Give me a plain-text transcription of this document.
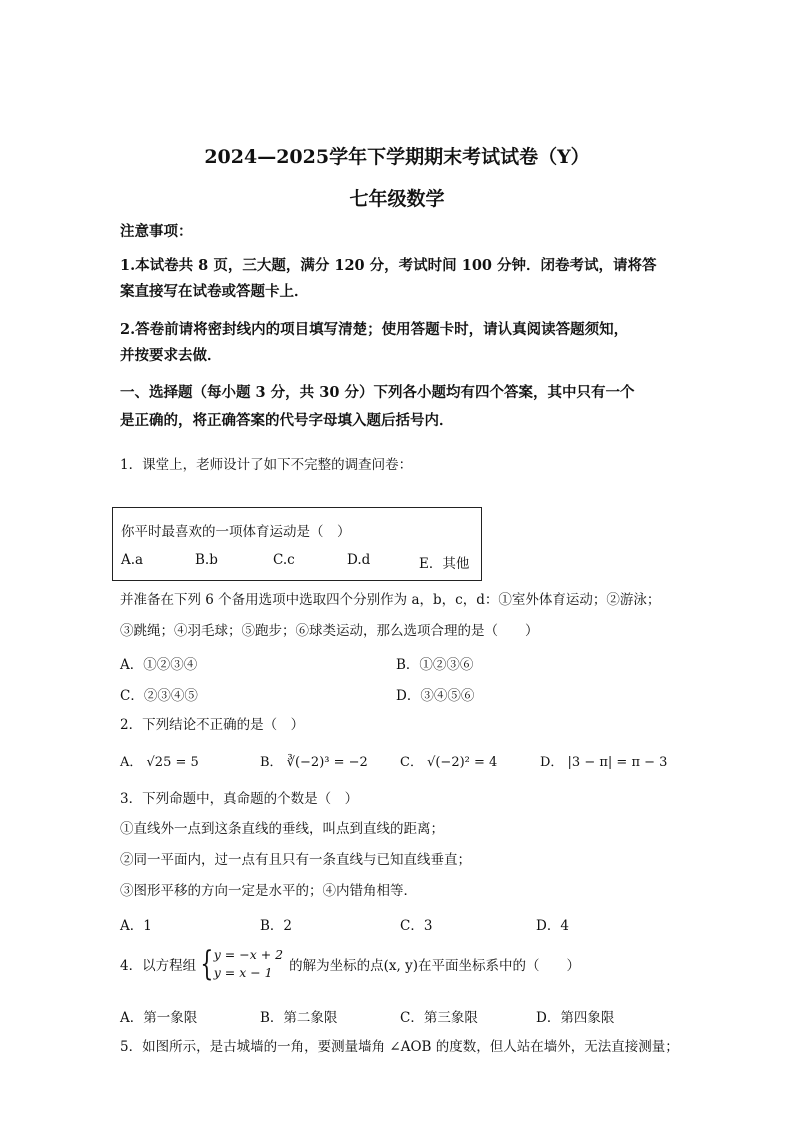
2024—2025学年下学期期末考试试卷（Y）
七年级数学
注意事项：
1.本试卷共 8 页，三大题，满分 120 分，考试时间 100 分钟．闭卷考试，请将答
案直接写在试卷或答题卡上．
2.答卷前请将密封线内的项目填写清楚；使用答题卡时，请认真阅读答题须知，
并按要求去做．
一、选择题（每小题 3 分，共 30 分）下列各小题均有四个答案，其中只有一个
是正确的，将正确答案的代号字母填入题后括号内．
1．课堂上，老师设计了如下不完整的调查问卷：
你平时最喜欢的一项体育运动是（　）
A.a	B.b	C.c	D.d	E．其他
并准备在下列 6 个备用选项中选取四个分别作为 a，b，c，d：①室外体育运动；②游泳；
③跳绳；④羽毛球；⑤跑步；⑥球类运动，那么选项合理的是（　　）
A．①②③④	B．①②③⑥
C．②③④⑤	D．③④⑤⑥
2．下列结论不正确的是（　）
A． √25 = 5	B． ∛(−2)³ = −2 C． √(−2)² = 4	D． |3 − π| = π − 3
3．下列命题中，真命题的个数是（　）
①直线外一点到这条直线的垂线，叫点到直线的距离；
②同一平面内，过一点有且只有一条直线与已知直线垂直；
③图形平移的方向一定是水平的；④内错角相等．
A．1	B．2	C．3	D．4
4．以方程组 { y = −x + 2
y = x − 1	的解为坐标的点(x, y)在平面坐标系中的（　　）
A．第一象限	B．第二象限	C．第三象限	D．第四象限
5．如图所示，是古城墙的一角，要测量墙角 ∠AOB 的度数，但人站在墙外，无法直接测量；
